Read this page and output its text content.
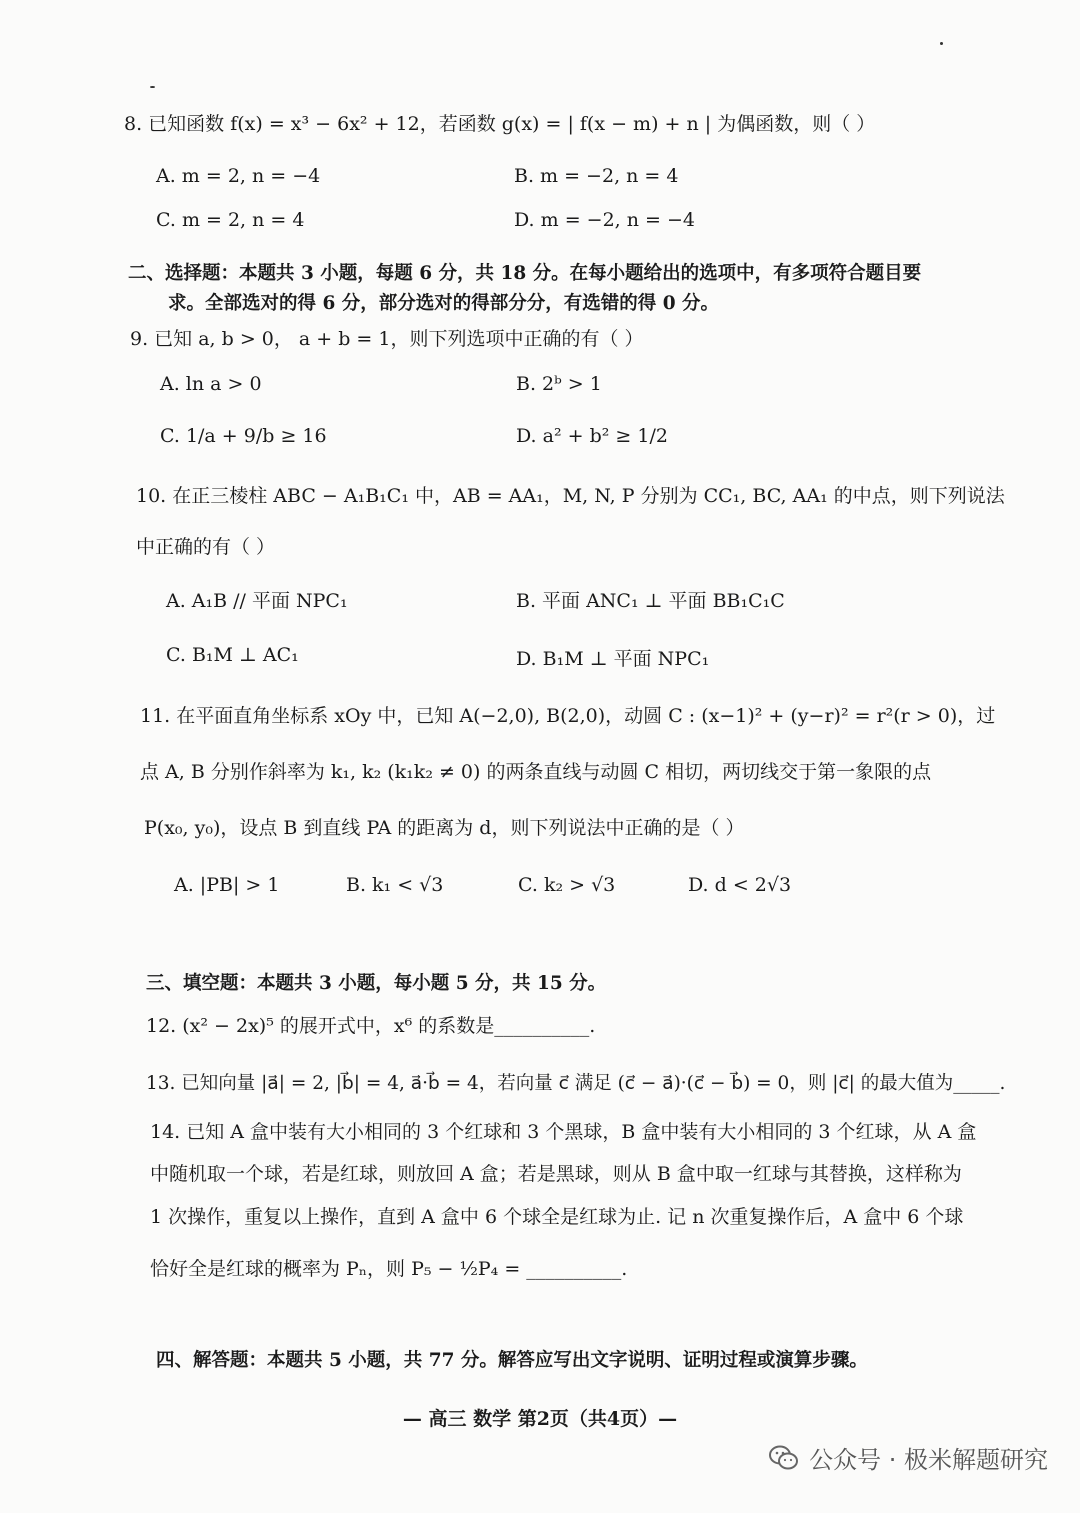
8. 已知函数 f(x) = x³ − 6x² + 12，若函数 g(x) = | f(x − m) + n | 为偶函数，则（ ）
A. m = 2, n = −4	B. m = −2, n = 4
C. m = 2, n = 4	D. m = −2, n = −4
二、选择题：本题共 3 小题，每题 6 分，共 18 分。在每小题给出的选项中，有多项符合题目要
求。全部选对的得 6 分，部分选对的得部分分，有选错的得 0 分。
9. 已知 a, b > 0， a + b = 1，则下列选项中正确的有（ ）
A. ln a > 0	B. 2ᵇ > 1
C. 1/a + 9/b ≥ 16	D. a² + b² ≥ 1/2
10. 在正三棱柱 ABC − A₁B₁C₁ 中，AB = AA₁，M, N, P 分别为 CC₁, BC, AA₁ 的中点，则下列说法
中正确的有（ ）
A. A₁B // 平面 NPC₁	B. 平面 ANC₁ ⊥ 平面 BB₁C₁C
C. B₁M ⊥ AC₁	D. B₁M ⊥ 平面 NPC₁
11. 在平面直角坐标系 xOy 中，已知 A(−2,0), B(2,0)，动圆 C : (x−1)² + (y−r)² = r²(r > 0)，过
点 A, B 分别作斜率为 k₁, k₂ (k₁k₂ ≠ 0) 的两条直线与动圆 C 相切，两切线交于第一象限的点
P(x₀, y₀)，设点 B 到直线 PA 的距离为 d，则下列说法中正确的是（ ）
A. |PB| > 1	B. k₁ < √3	C. k₂ > √3	D. d < 2√3
三、填空题：本题共 3 小题，每小题 5 分，共 15 分。
12. (x² − 2x)⁵ 的展开式中，x⁶ 的系数是__________.
13. 已知向量 |a⃗| = 2, |b⃗| = 4, a⃗·b⃗ = 4，若向量 c⃗ 满足 (c⃗ − a⃗)·(c⃗ − b⃗) = 0，则 |c⃗| 的最大值为_____.
14. 已知 A 盒中装有大小相同的 3 个红球和 3 个黑球，B 盒中装有大小相同的 3 个红球，从 A 盒
中随机取一个球，若是红球，则放回 A 盒；若是黑球，则从 B 盒中取一红球与其替换，这样称为
1 次操作，重复以上操作，直到 A 盒中 6 个球全是红球为止. 记 n 次重复操作后，A 盒中 6 个球
恰好全是红球的概率为 Pₙ，则 P₅ − ½P₄ = __________.
四、解答题：本题共 5 小题，共 77 分。解答应写出文字说明、证明过程或演算步骤。
— 高三 数学 第2页（共4页）—
公众号 · 极米解题研究
